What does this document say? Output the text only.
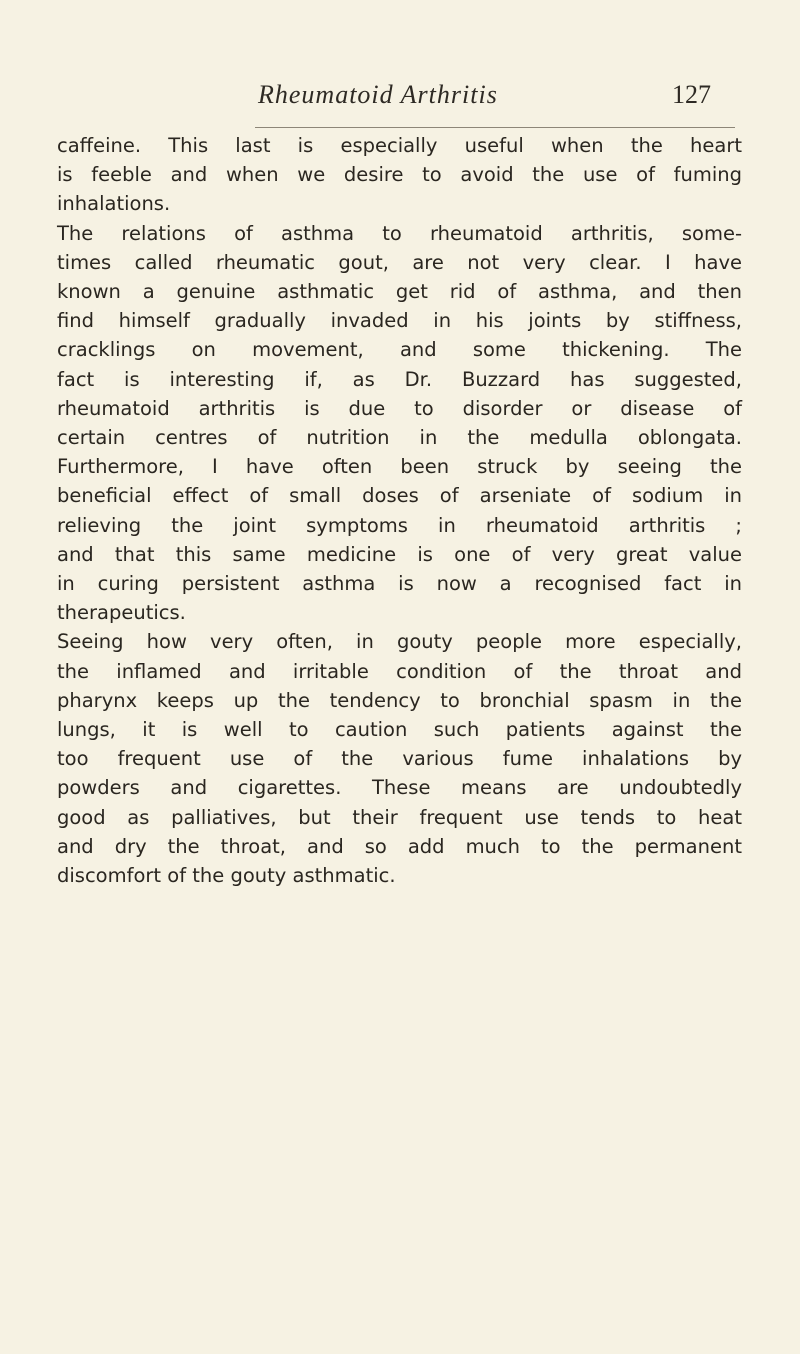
Rheumatoid Arthritis	127

caffeine. This last is especially useful when the heart
is feeble and when we desire to avoid the use of fuming
inhalations.

The relations of asthma to rheumatoid arthritis, some-
times called rheumatic gout, are not very clear. I have
known a genuine asthmatic get rid of asthma, and then
find himself gradually invaded in his joints by stiffness,
cracklings on movement, and some thickening. The
fact is interesting if, as Dr. Buzzard has suggested,
rheumatoid arthritis is due to disorder or disease of
certain centres of nutrition in the medulla oblongata.
Furthermore, I have often been struck by seeing the
beneficial effect of small doses of arseniate of sodium in
relieving the joint symptoms in rheumatoid arthritis ;
and that this same medicine is one of very great value
in curing persistent asthma is now a recognised fact in
therapeutics.

Seeing how very often, in gouty people more especially,
the inflamed and irritable condition of the throat and
pharynx keeps up the tendency to bronchial spasm in the
lungs, it is well to caution such patients against the
too frequent use of the various fume inhalations by
powders and cigarettes. These means are undoubtedly
good as palliatives, but their frequent use tends to heat
and dry the throat, and so add much to the permanent
discomfort of the gouty asthmatic.
